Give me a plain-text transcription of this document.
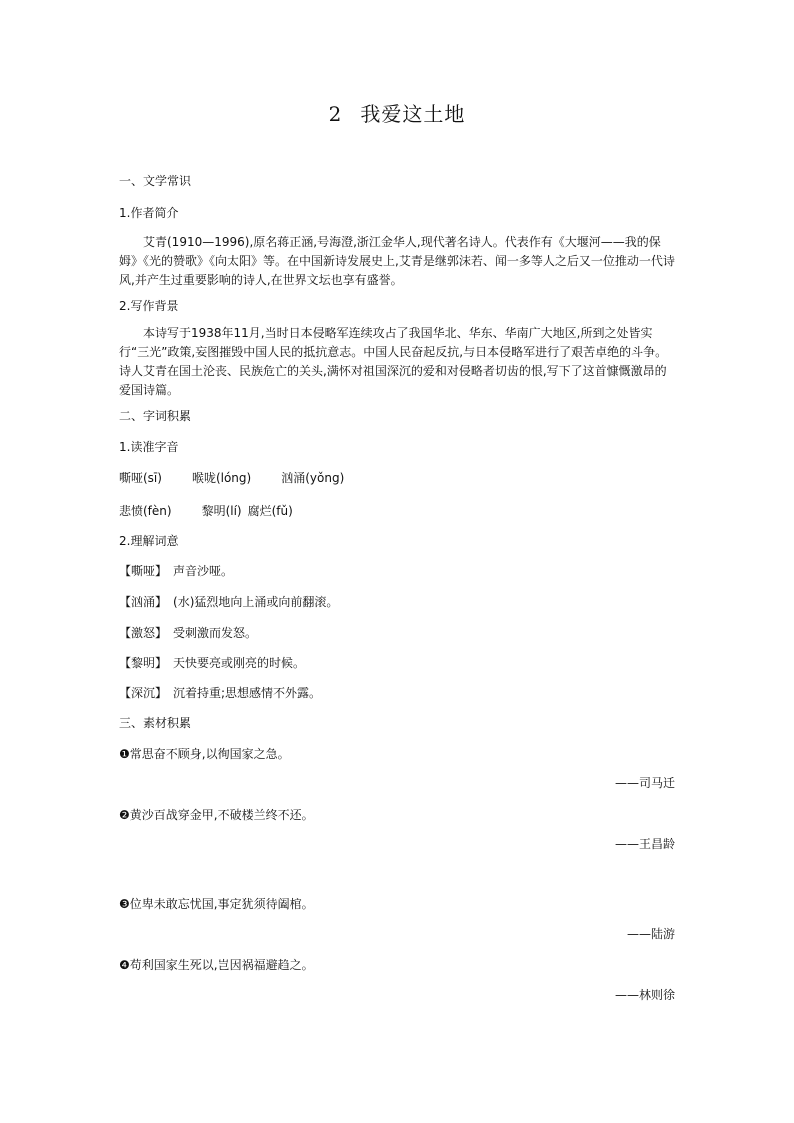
2 我爱这土地
一、文学常识
1.作者简介
艾青(1910—1996),原名蒋正涵,号海澄,浙江金华人,现代著名诗人。代表作有《大堰河——我的保姆》《光的赞歌》《向太阳》等。在中国新诗发展史上,艾青是继郭沫若、闻一多等人之后又一位推动一代诗风,并产生过重要影响的诗人,在世界文坛也享有盛誉。
2.写作背景
本诗写于1938年11月,当时日本侵略军连续攻占了我国华北、华东、华南广大地区,所到之处皆实行“三光”政策,妄图摧毁中国人民的抵抗意志。中国人民奋起反抗,与日本侵略军进行了艰苦卓绝的斗争。诗人艾青在国土沦丧、民族危亡的关头,满怀对祖国深沉的爱和对侵略者切齿的恨,写下了这首慷慨激昂的爱国诗篇。
二、字词积累
1.读准字音
嘶哑(sī)	喉咙(lóng)	汹涌(yǒng)
悲愤(fèn)	黎明(lí) 腐烂(fǔ)
2.理解词意
【嘶哑】 声音沙哑。
【汹涌】 (水)猛烈地向上涌或向前翻滚。
【激怒】 受刺激而发怒。
【黎明】 天快要亮或刚亮的时候。
【深沉】 沉着持重;思想感情不外露。
三、素材积累
❶常思奋不顾身,以徇国家之急。
——司马迁
❷黄沙百战穿金甲,不破楼兰终不还。
——王昌龄
❸位卑未敢忘忧国,事定犹须待阖棺。
——陆游
❹苟利国家生死以,岂因祸福避趋之。
——林则徐
